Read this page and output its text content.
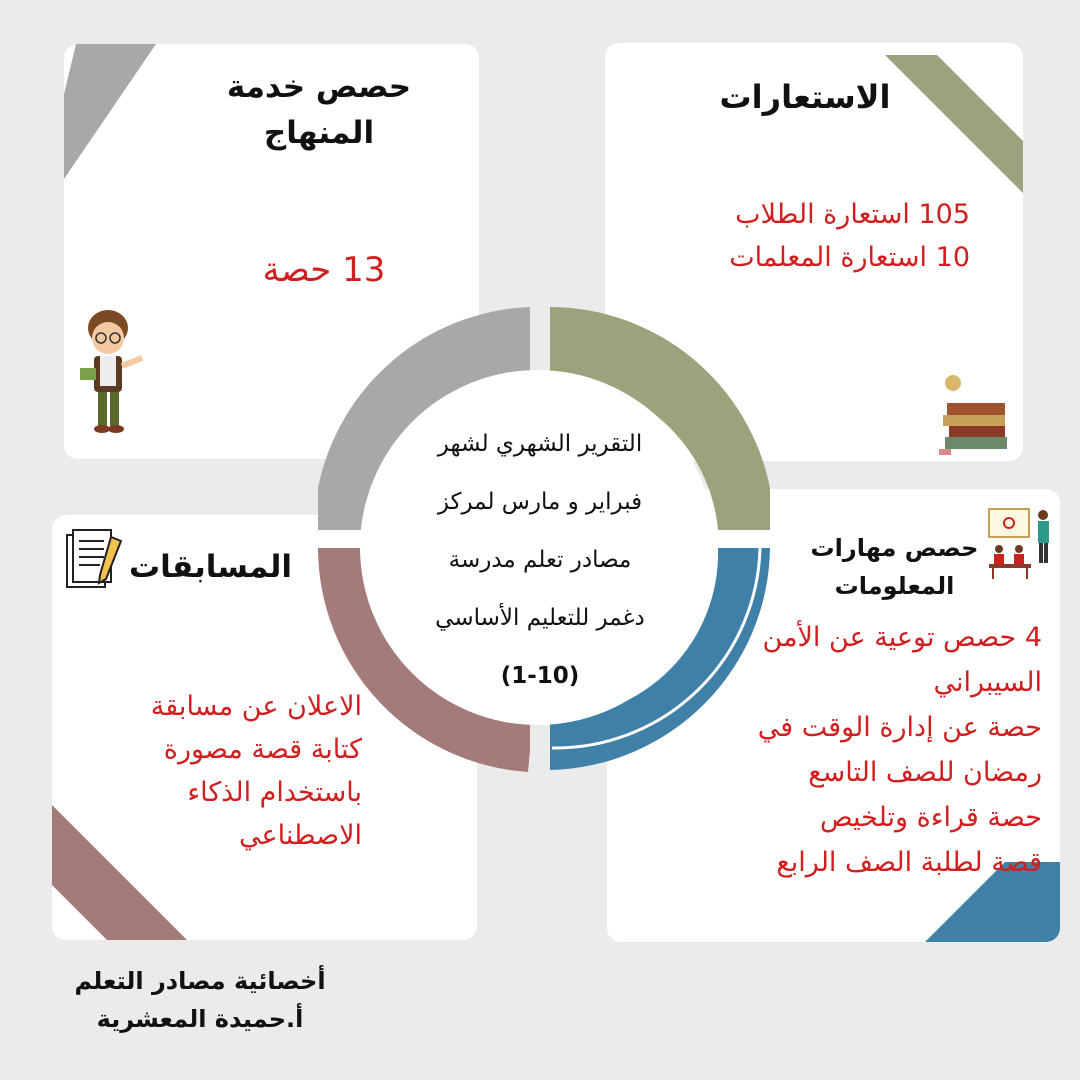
حصص خدمة
المنهاج
13 حصة
الاستعارات
105 استعارة الطلاب
10 استعارة المعلمات
المسابقات
الاعلان عن مسابقة
كتابة قصة مصورة
باستخدام الذكاء
الاصطناعي
حصص مهارات
المعلومات
4 حصص توعية عن الأمن
السيبراني
حصة عن إدارة الوقت في
رمضان للصف التاسع
حصة قراءة وتلخيص
قصة لطلبة الصف الرابع
التقرير الشهري لشهر
فبراير و مارس لمركز
مصادر تعلم مدرسة
دغمر للتعليم الأساسي
(1-10)
أخصائية مصادر التعلم
أ.حميدة المعشرية
